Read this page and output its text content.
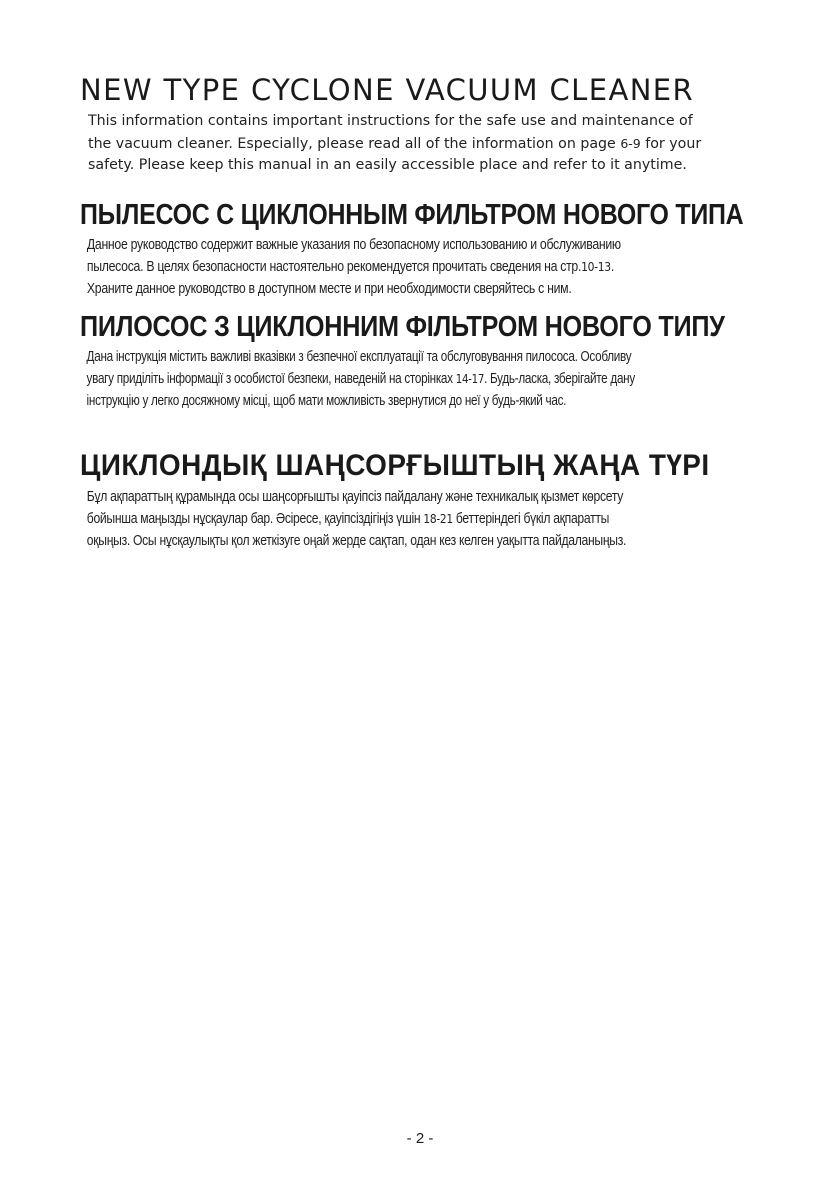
NEW TYPE CYCLONE VACUUM CLEANER

This information contains important instructions for the safe use and maintenance of
the vacuum cleaner. Especially, please read all of the information on page 6-9 for your
safety. Please keep this manual in an easily accessible place and refer to it anytime.

ПЫЛЕСОС С ЦИКЛОННЫМ ФИЛЬТРОМ НОВОГО ТИПА

Данное руководство содержит важные указания по безопасному использованию и обслуживанию
пылесоса. В целях безопасности настоятельно рекомендуется прочитать сведения на стр.10-13.
Храните данное руководство в доступном месте и при необходимости сверяйтесь с ним.

ПИЛОСОС З ЦИКЛОННИМ ФІЛЬТРОМ НОВОГО ТИПУ

Дана інструкція містить важливі вказівки з безпечної експлуатації та обслуговування пилососа. Особливу
увагу приділіть інформації з особистої безпеки, наведеній на сторінках 14-17. Будь-ласка, зберігайте дану
інструкцію у легко досяжному місці, щоб мати можливість звернутися до неї у будь-який час.

ЦИКЛОНДЫҚ ШАҢСОРҒЫШТЫҢ ЖАҢА ТҮРІ

Бұл ақпараттың құрамында осы шаңсорғышты қауіпсіз пайдалану және техникалық қызмет көрсету
бойынша маңызды нұсқаулар бар. Әсіресе, қауіпсіздігіңіз үшін 18-21 беттеріндегі бүкіл ақпаратты
оқыңыз. Осы нұсқаулықты қол жеткізуге оңай жерде сақтап, одан кез келген уақытта пайдаланыңыз.

- 2 -
